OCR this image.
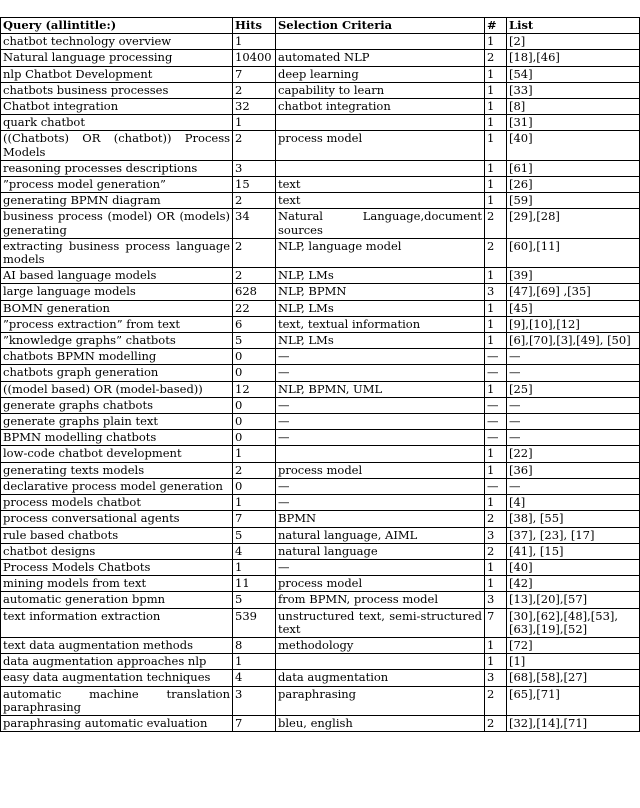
Query (allintitle:)	Hits	Selection Criteria	#	List
chatbot technology overview	1		1	[2]
Natural language processing	10400	automated NLP	2	[18],[46]
nlp Chatbot Development	7	deep learning	1	[54]
chatbots business processes	2	capability to learn	1	[33]
Chatbot integration	32	chatbot integration	1	[8]
quark chatbot	1		1	[31]
((Chatbots) OR (chatbot)) Process Models	2	process model	1	[40]
reasoning processes descriptions	3		1	[61]
”process model generation”	15	text	1	[26]
generating BPMN diagram	2	text	1	[59]
business process (model) OR (models) generating	34	Natural Language,document sources	2	[29],[28]
extracting business process language models	2	NLP, language model	2	[60],[11]
AI based language models	2	NLP, LMs	1	[39]
large language models	628	NLP, BPMN	3	[47],[69] ,[35]
BOMN generation	22	NLP, LMs	1	[45]
”process extraction” from text	6	text, textual information	1	[9],[10],[12]
”knowledge graphs” chatbots	5	NLP, LMs	1	[6],[70],[3],[49], [50]
chatbots BPMN modelling	0	—	—	—
chatbots graph generation	0	—	—	—
((model based) OR (model-based))	12	NLP, BPMN, UML	1	[25]
generate graphs chatbots	0	—	—	—
generate graphs plain text	0	—	—	—
BPMN modelling chatbots	0	—	—	—
low-code chatbot development	1		1	[22]
generating texts models	2	process model	1	[36]
declarative process model generation	0	—	—	—
process models chatbot	1	—	1	[4]
process conversational agents	7	BPMN	2	[38], [55]
rule based chatbots	5	natural language, AIML	3	[37], [23], [17]
chatbot designs	4	natural language	2	[41], [15]
Process Models Chatbots	1	—	1	[40]
mining models from text	11	process model	1	[42]
automatic generation bpmn	5	from BPMN, process model	3	[13],[20],[57]
text information extraction	539	unstructured text, semi-structured text	7	[30],[62],[48],[53], [63],[19],[52]
text data augmentation methods	8	methodology	1	[72]
data augmentation approaches nlp	1		1	[1]
easy data augmentation techniques	4	data augmentation	3	[68],[58],[27]
automatic machine translation paraphrasing	3	paraphrasing	2	[65],[71]
paraphrasing automatic evaluation	7	bleu, english	2	[32],[14],[71]
